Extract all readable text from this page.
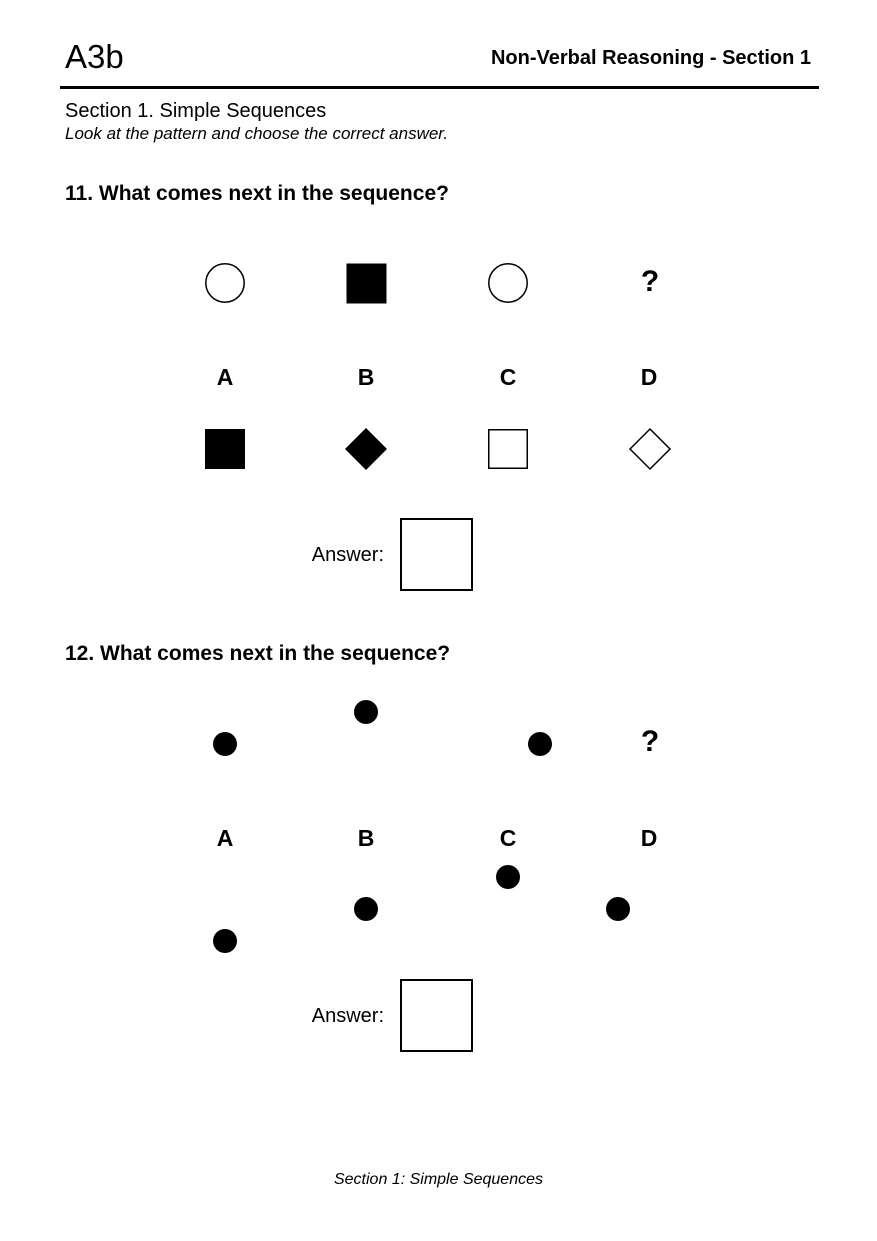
A3b	Non-Verbal Reasoning - Section 1
Section 1. Simple Sequences
Look at the pattern and choose the correct answer.
11. What comes next in the sequence?
?
A	B	C	D
Answer:
12. What comes next in the sequence?
?
A	B	C	D
Answer:
Section 1: Simple Sequences
